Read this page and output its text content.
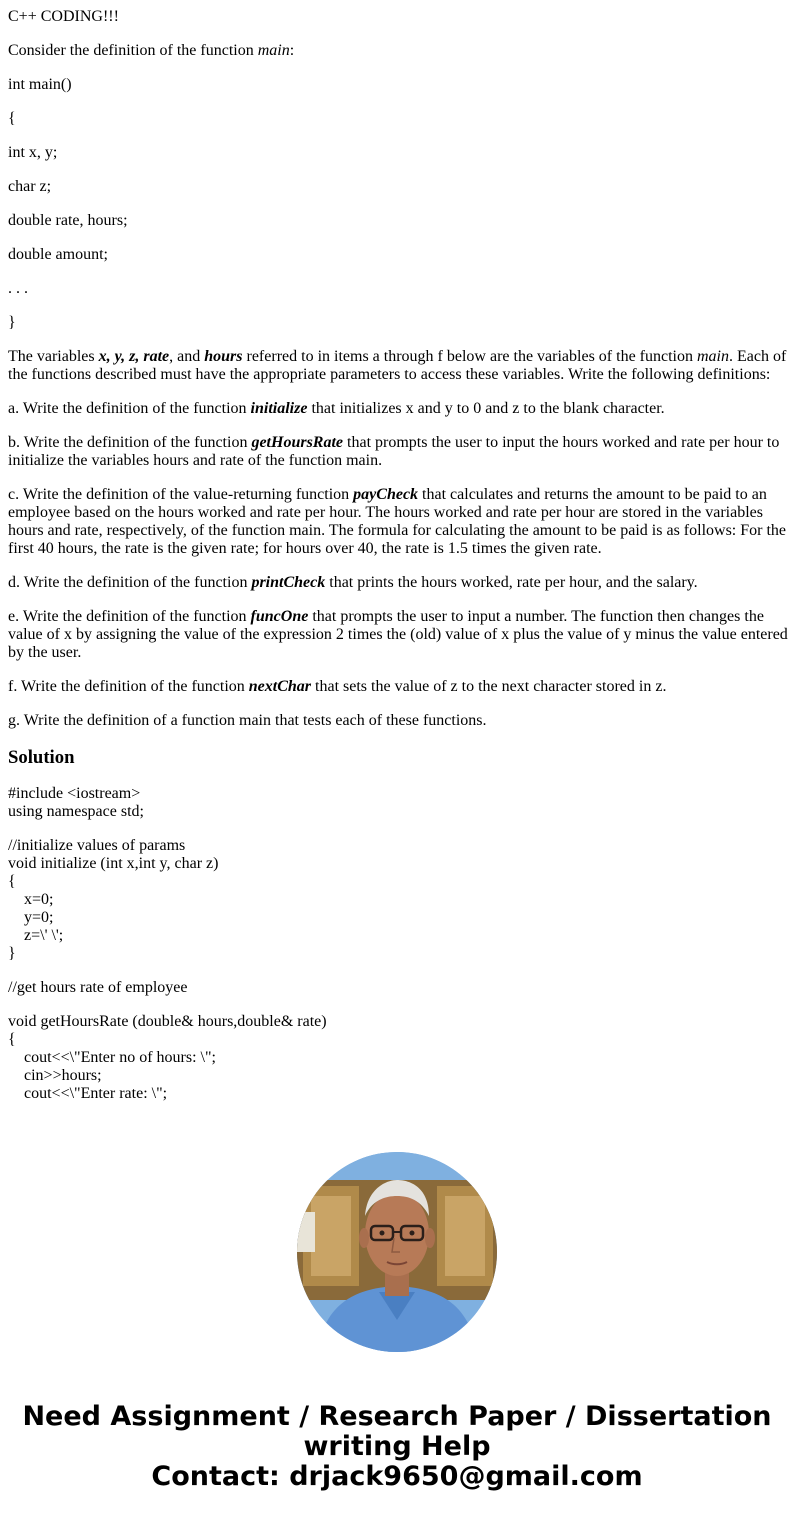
C++ CODING!!!

Consider the definition of the function main:

int main()

{

int x, y;

char z;

double rate, hours;

double amount;

. . .

}

The variables x, y, z, rate, and hours referred to in items a through f below are the variables of the function main. Each of the functions described must have the appropriate parameters to access these variables. Write the following definitions:

a. Write the definition of the function initialize that initializes x and y to 0 and z to the blank character.

b. Write the definition of the function getHoursRate that prompts the user to input the hours worked and rate per hour to initialize the variables hours and rate of the function main.

c. Write the definition of the value-returning function payCheck that calculates and returns the amount to be paid to an employee based on the hours worked and rate per hour. The hours worked and rate per hour are stored in the variables hours and rate, respectively, of the function main. The formula for calculating the amount to be paid is as follows: For the first 40 hours, the rate is the given rate; for hours over 40, the rate is 1.5 times the given rate.

d. Write the definition of the function printCheck that prints the hours worked, rate per hour, and the salary.

e. Write the definition of the function funcOne that prompts the user to input a number. The function then changes the value of x by assigning the value of the expression 2 times the (old) value of x plus the value of y minus the value entered by the user.

f. Write the definition of the function nextChar that sets the value of z to the next character stored in z.

g. Write the definition of a function main that tests each of these functions.

Solution
#include <iostream>
using namespace std;
//initialize values of params
void initialize (int x,int y, char z)
{
x=0;
y=0;
z=\' \';
}
//get hours rate of employee
void getHoursRate (double& hours,double& rate)
{
cout<<\"Enter no of hours: \";
cin>>hours;
cout<<\"Enter rate: \";
Need Assignment / Research Paper / Dissertation
writing Help
Contact: drjack9650@gmail.com
